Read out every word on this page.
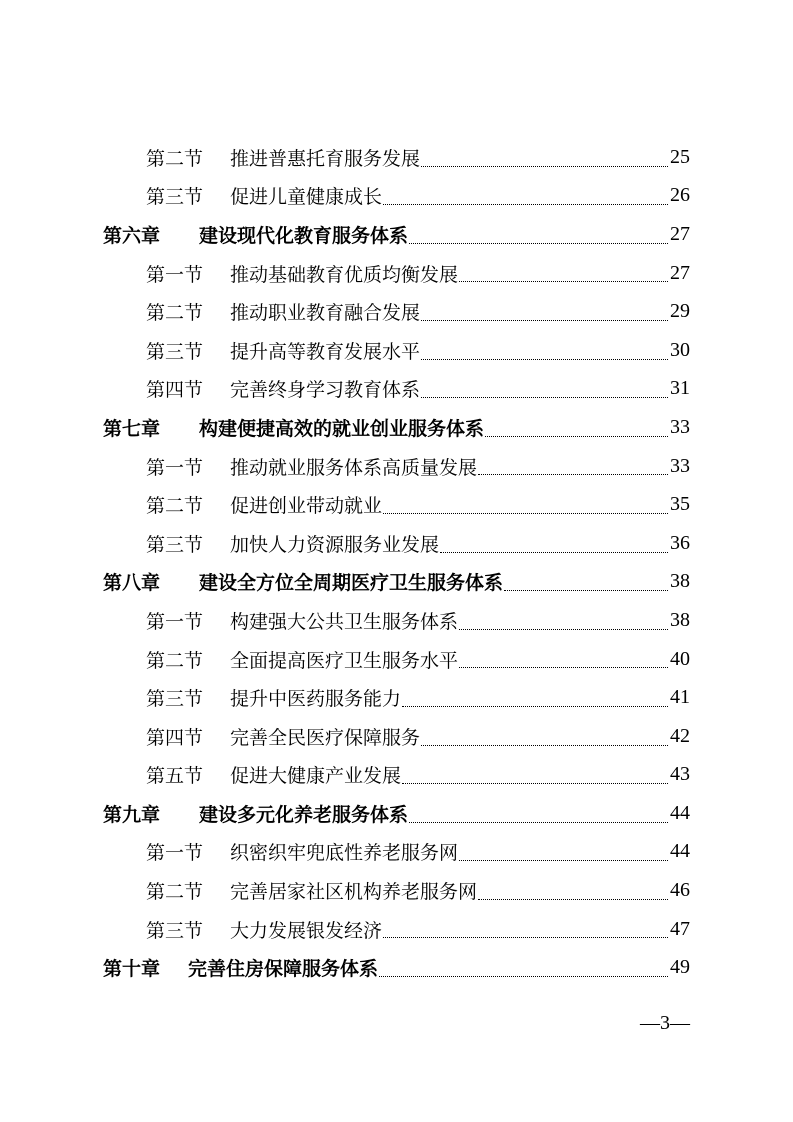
第二节	推进普惠托育服务发展	25
第三节	促进儿童健康成长	26
第六章	建设现代化教育服务体系	27
第一节	推动基础教育优质均衡发展	27
第二节	推动职业教育融合发展	29
第三节	提升高等教育发展水平	30
第四节	完善终身学习教育体系	31
第七章	构建便捷高效的就业创业服务体系	33
第一节	推动就业服务体系高质量发展	33
第二节	促进创业带动就业	35
第三节	加快人力资源服务业发展	36
第八章	建设全方位全周期医疗卫生服务体系	38
第一节	构建强大公共卫生服务体系	38
第二节	全面提高医疗卫生服务水平	40
第三节	提升中医药服务能力	41
第四节	完善全民医疗保障服务	42
第五节	促进大健康产业发展	43
第九章	建设多元化养老服务体系	44
第一节	织密织牢兜底性养老服务网	44
第二节	完善居家社区机构养老服务网	46
第三节	大力发展银发经济	47
第十章	完善住房保障服务体系	49
—3—
